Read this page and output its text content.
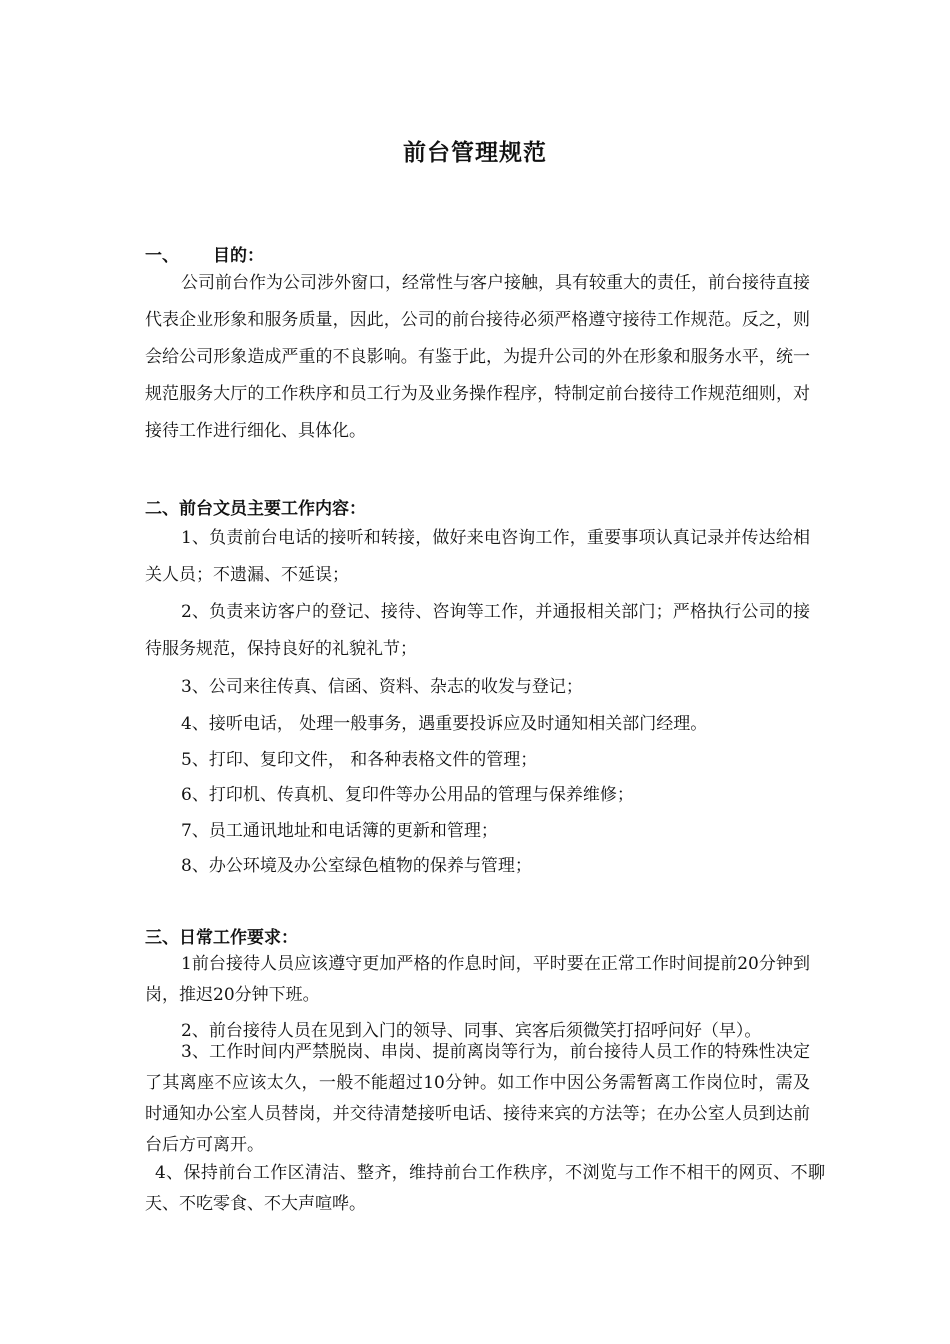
前台管理规范
一、 目的：

公司前台作为公司涉外窗口，经常性与客户接触，具有较重大的责任，前台接待直接代表企业形象和服务质量，因此，公司的前台接待必须严格遵守接待工作规范。反之，则会给公司形象造成严重的不良影响。有鉴于此，为提升公司的外在形象和服务水平，统一规范服务大厅的工作秩序和员工行为及业务操作程序，特制定前台接待工作规范细则，对接待工作进行细化、具体化。

二、前台文员主要工作内容：

1、负责前台电话的接听和转接，做好来电咨询工作，重要事项认真记录并传达给相关人员；不遗漏、不延误；

2、负责来访客户的登记、接待、咨询等工作，并通报相关部门；严格执行公司的接待服务规范，保持良好的礼貌礼节；

3、公司来往传真、信函、资料、杂志的收发与登记；

4、接听电话， 处理一般事务，遇重要投诉应及时通知相关部门经理。

5、打印、复印文件， 和各种表格文件的管理；

6、打印机、传真机、复印件等办公用品的管理与保养维修；

7、员工通讯地址和电话簿的更新和管理；

8、办公环境及办公室绿色植物的保养与管理；

三、日常工作要求：

1前台接待人员应该遵守更加严格的作息时间，平时要在正常工作时间提前20分钟到岗，推迟20分钟下班。

2、前台接待人员在见到入门的领导、同事、宾客后须微笑打招呼问好（早）。

3、工作时间内严禁脱岗、串岗、提前离岗等行为，前台接待人员工作的特殊性决定了其离座不应该太久，一般不能超过10分钟。如工作中因公务需暂离工作岗位时，需及时通知办公室人员替岗，并交待清楚接听电话、接待来宾的方法等；在办公室人员到达前台后方可离开。

4、保持前台工作区清洁、整齐，维持前台工作秩序，不浏览与工作不相干的网页、不聊天、不吃零食、不大声喧哗。
